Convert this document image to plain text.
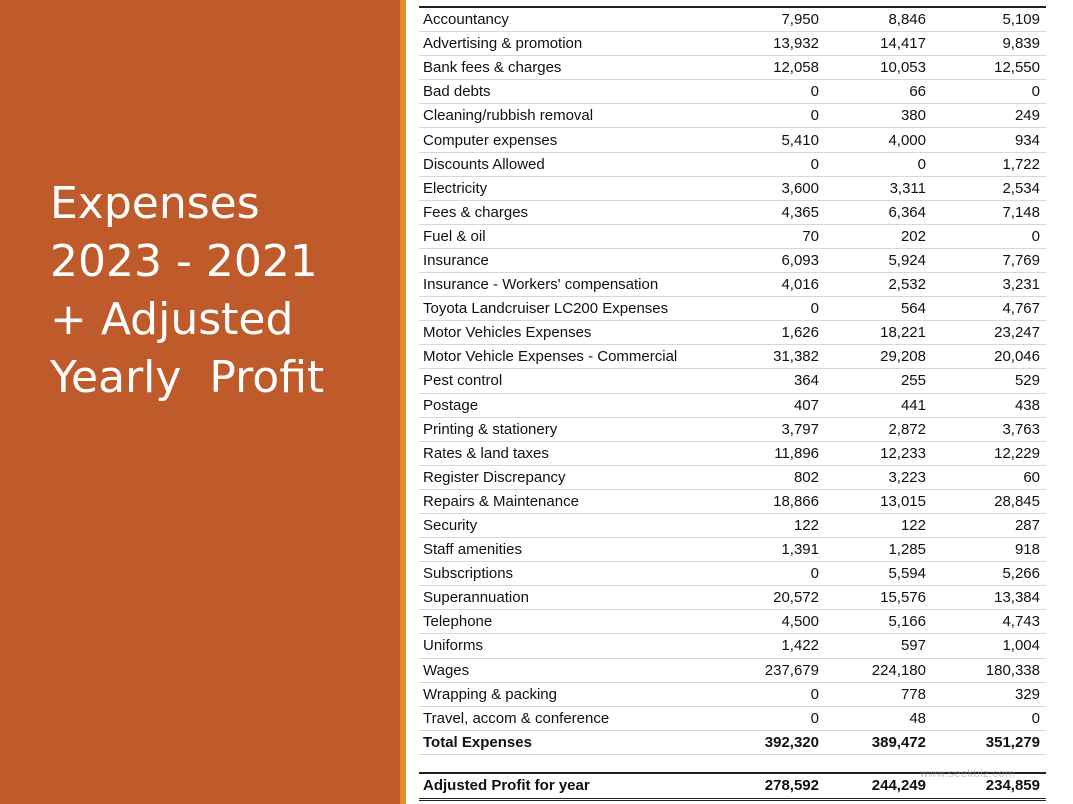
Expenses
2023 - 2021
+ Adjusted
Yearly  Profit
Accountancy	7,950	8,846	5,109
Advertising & promotion	13,932	14,417	9,839
Bank fees & charges	12,058	10,053	12,550
Bad debts	0	66	0
Cleaning/rubbish removal	0	380	249
Computer expenses	5,410	4,000	934
Discounts Allowed	0	0	1,722
Electricity	3,600	3,311	2,534
Fees & charges	4,365	6,364	7,148
Fuel & oil	70	202	0
Insurance	6,093	5,924	7,769
Insurance - Workers' compensation	4,016	2,532	3,231
Toyota Landcruiser LC200 Expenses	0	564	4,767
Motor Vehicles Expenses	1,626	18,221	23,247
Motor Vehicle Expenses - Commercial	31,382	29,208	20,046
Pest control	364	255	529
Postage	407	441	438
Printing & stationery	3,797	2,872	3,763
Rates & land taxes	11,896	12,233	12,229
Register Discrepancy	802	3,223	60
Repairs & Maintenance	18,866	13,015	28,845
Security	122	122	287
Staff amenities	1,391	1,285	918
Subscriptions	0	5,594	5,266
Superannuation	20,572	15,576	13,384
Telephone	4,500	5,166	4,743
Uniforms	1,422	597	1,004
Wages	237,679	224,180	180,338
Wrapping & packing	0	778	329
Travel, accom & conference	0	48	0
Total Expenses	392,320	389,472	351,279
Adjusted Profit for year	278,592	244,249	234,859
www.seekbiz.com
